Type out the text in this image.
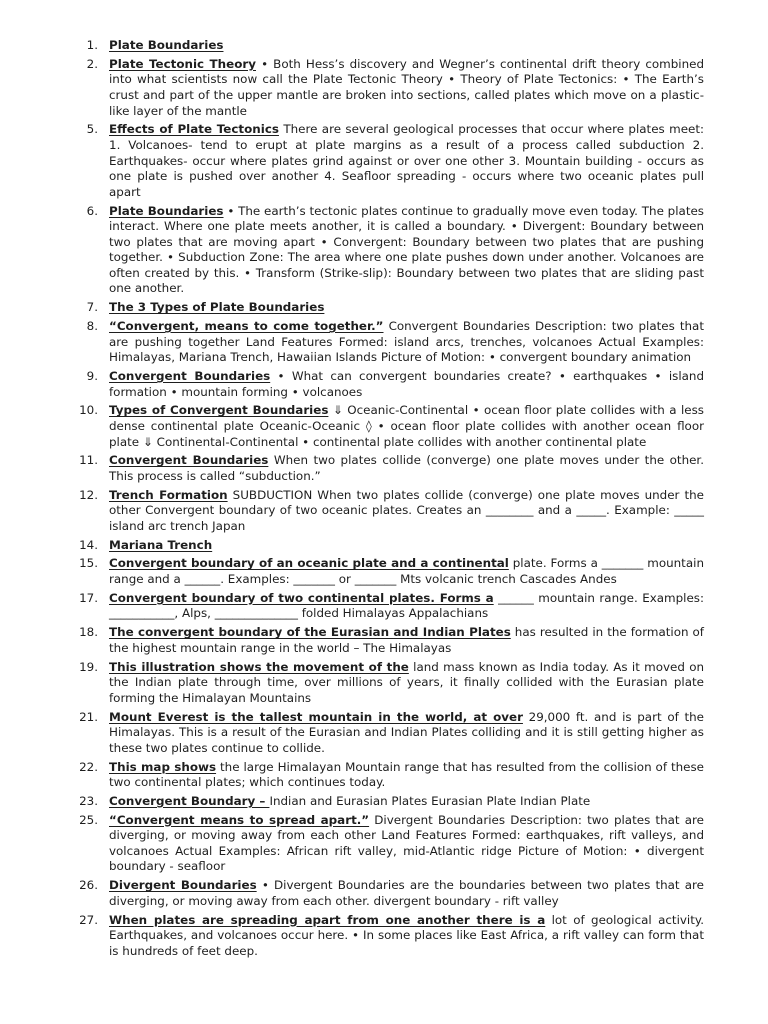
1. Plate Boundaries
2. Plate Tectonic Theory • Both Hess’s discovery and Wegner’s continental drift theory combined into what scientists now call the Plate Tectonic Theory • Theory of Plate Tectonics: • The Earth’s crust and part of the upper mantle are broken into sections, called plates which move on a plastic-like layer of the mantle
5. Effects of Plate Tectonics There are several geological processes that occur where plates meet: 1. Volcanoes- tend to erupt at plate margins as a result of a process called subduction 2. Earthquakes- occur where plates grind against or over one other 3. Mountain building - occurs as one plate is pushed over another 4. Seafloor spreading - occurs where two oceanic plates pull apart
6. Plate Boundaries • The earth’s tectonic plates continue to gradually move even today. The plates interact. Where one plate meets another, it is called a boundary. • Divergent: Boundary between two plates that are moving apart • Convergent: Boundary between two plates that are pushing together. • Subduction Zone: The area where one plate pushes down under another. Volcanoes are often created by this. • Transform (Strike-slip): Boundary between two plates that are sliding past one another.
7. The 3 Types of Plate Boundaries
8. “Convergent, means to come together.” Convergent Boundaries Description: two plates that are pushing together Land Features Formed: island arcs, trenches, volcanoes Actual Examples: Himalayas, Mariana Trench, Hawaiian Islands Picture of Motion: • convergent boundary animation
9. Convergent Boundaries • What can convergent boundaries create? • earthquakes • island formation • mountain forming • volcanoes
10. Types of Convergent Boundaries ⇓ Oceanic-Continental • ocean floor plate collides with a less dense continental plate Oceanic-Oceanic ◊ • ocean floor plate collides with another ocean floor plate ⇓ Continental-Continental • continental plate collides with another continental plate
11. Convergent Boundaries When two plates collide (converge) one plate moves under the other. This process is called “subduction.”
12. Trench Formation SUBDUCTION When two plates collide (converge) one plate moves under the other Convergent boundary of two oceanic plates. Creates an ________ and a _____. Example: _____ island arc trench Japan
14. Mariana Trench
15. Convergent boundary of an oceanic plate and a continental plate. Forms a _______ mountain range and a ______. Examples: _______ or _______ Mts volcanic trench Cascades Andes
17. Convergent boundary of two continental plates. Forms a ______ mountain range. Examples: ___________, Alps, ______________ folded Himalayas Appalachians
18. The convergent boundary of the Eurasian and Indian Plates has resulted in the formation of the highest mountain range in the world – The Himalayas
19. This illustration shows the movement of the land mass known as India today. As it moved on the Indian plate through time, over millions of years, it finally collided with the Eurasian plate forming the Himalayan Mountains
21. Mount Everest is the tallest mountain in the world, at over 29,000 ft. and is part of the Himalayas. This is a result of the Eurasian and Indian Plates colliding and it is still getting higher as these two plates continue to collide.
22. This map shows the large Himalayan Mountain range that has resulted from the collision of these two continental plates; which continues today.
23. Convergent Boundary – Indian and Eurasian Plates Eurasian Plate Indian Plate
25. “Convergent means to spread apart.” Divergent Boundaries Description: two plates that are diverging, or moving away from each other Land Features Formed: earthquakes, rift valleys, and volcanoes Actual Examples: African rift valley, mid-Atlantic ridge Picture of Motion: • divergent boundary - seafloor
26. Divergent Boundaries • Divergent Boundaries are the boundaries between two plates that are diverging, or moving away from each other. divergent boundary - rift valley
27. When plates are spreading apart from one another there is a lot of geological activity. Earthquakes, and volcanoes occur here. • In some places like East Africa, a rift valley can form that is hundreds of feet deep.
